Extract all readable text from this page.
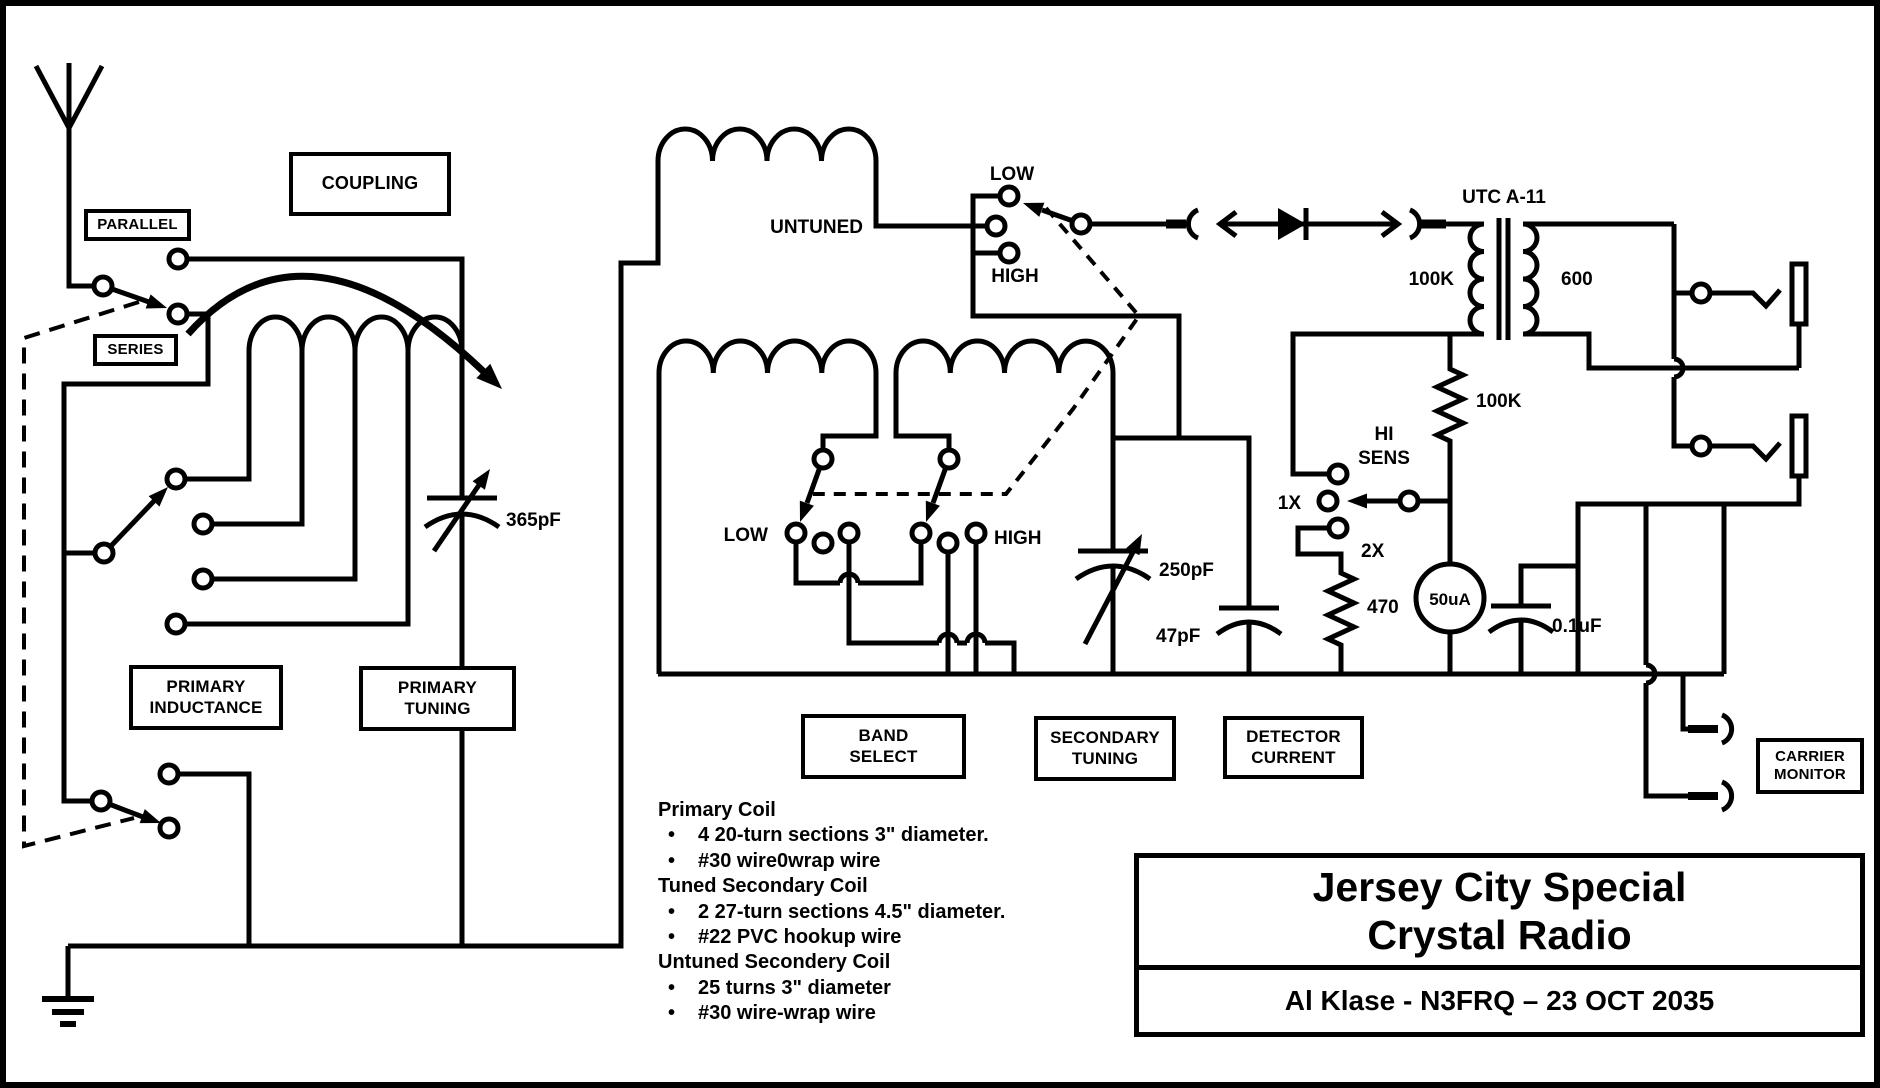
UNTUNED
LOW
HIGH
LOW	HIGH
365pF
250pF
47pF	0.1uF
470
100K
UTC A-11
100K	600
HI
SENS
1X
2X
50uA
PARALLEL
SERIES
COUPLING
PRIMARY
INDUCTANCE
PRIMARY
TUNING
BAND
SELECT
SECONDARY
TUNING
DETECTOR
CURRENT	CARRIER
MONITOR
Primary Coil
• 4 20-turn sections 3" diameter.
• #30 wire0wrap wire
Tuned Secondary Coil
• 2 27-turn sections 4.5" diameter.
• #22 PVC hookup wire
Untuned Secondery Coil
• 25 turns 3" diameter
• #30 wire-wrap wire
Jersey City Special
Crystal Radio
Al Klase - N3FRQ – 23 OCT 2035
